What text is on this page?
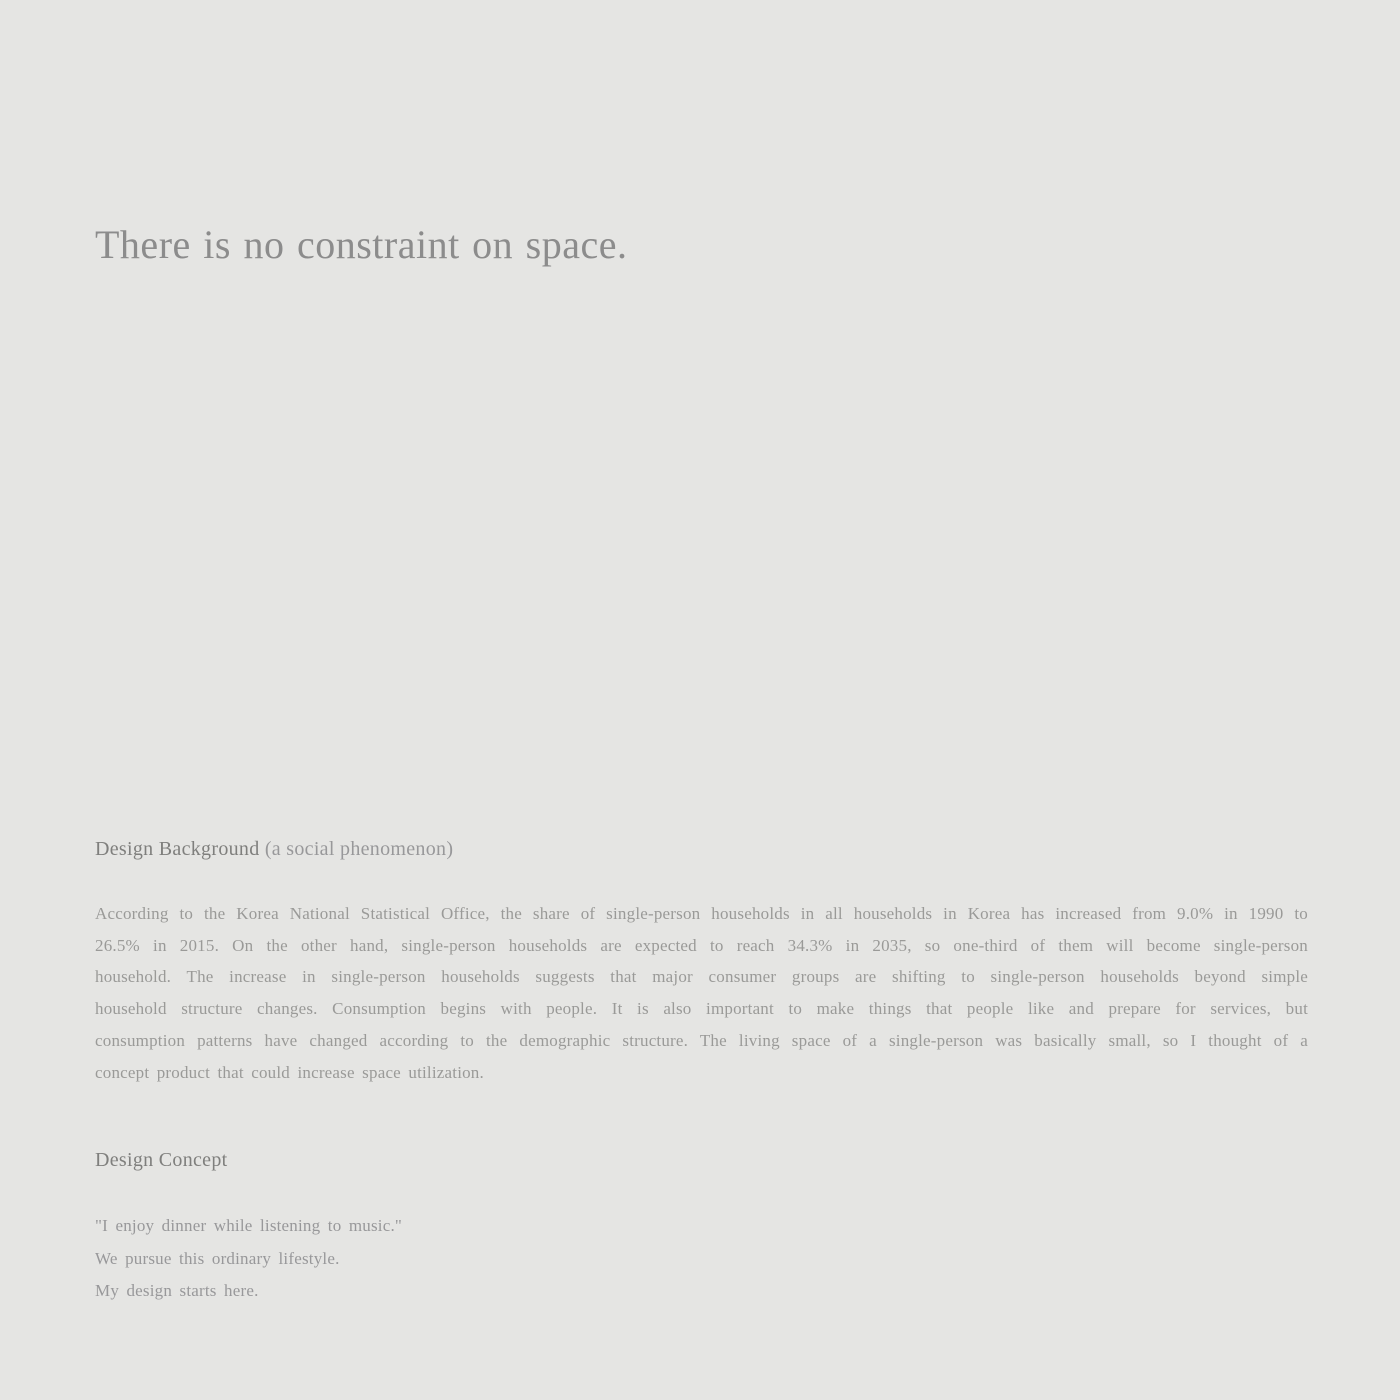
There is no constraint on space.
Design Background (a social phenomenon)
According to the Korea National Statistical Office, the share of single-person households in all households in Korea has increased from 9.0% in 1990 to
26.5% in 2015. On the other hand, single-person households are expected to reach 34.3% in 2035, so one-third of them will become single-person
household. The increase in single-person households suggests that major consumer groups are shifting to single-person households beyond simple
household structure changes. Consumption begins with people. It is also important to make things that people like and prepare for services, but
consumption patterns have changed according to the demographic structure. The living space of a single-person was basically small, so I thought of a
concept product that could increase space utilization.
Design Concept
"I enjoy dinner while listening to music."
We pursue this ordinary lifestyle.
My design starts here.
